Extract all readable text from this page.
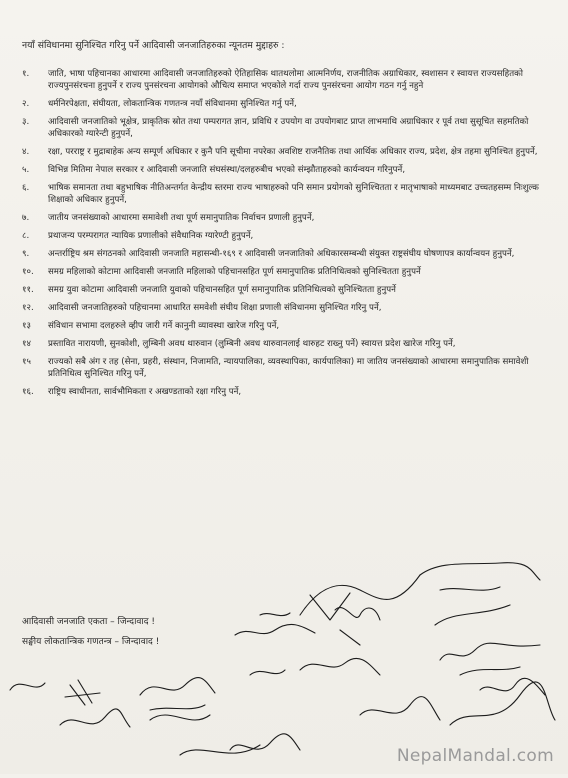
नयाँ संविधानमा सुनिश्चित गरिनु पर्ने आदिवासी जनजातिहरुका न्यूनतम मुद्दाहरु :
१.	जाति, भाषा पहिचानका आधारमा आदिवासी जनजातिहरुको ऐतिहासिक थातथलोमा आत्मनिर्णय, राजनीतिक अग्राधिकार, स्वशासन र स्वायत्त राज्यसहितको राज्यपुनसंरचना हुनुपर्ने र राज्य पुनसंरचना आयोगको औचित्य समाप्त भएकोले गर्दा राज्य पुनसंरचना आयोग गठन गर्नु नहुने
२.	धर्मनिरपेक्षता, संघीयता, लोकतान्त्रिक गणतन्त्र नयाँ संविधानमा सुनिश्चित गर्नु पर्ने,
३.	आदिवासी जनजातिको भूक्षेत्र, प्राकृतिक स्रोत तथा पम्परागत ज्ञान, प्रविधि र उपयोग वा उपयोगबाट प्राप्त लाभमाथि अग्राधिकार र पूर्व तथा सुसूचित सहमतिको अधिकारको ग्यारेन्टी हुनुपर्ने,
४.	रक्षा, परराष्ट्र र मुद्राबाहेक अन्य सम्पूर्ण अधिकार र कुनै पनि सूचीमा नपरेका अवशिष्ट राजनैतिक तथा आर्थिक अधिकार राज्य, प्रदेश, क्षेत्र तहमा सुनिश्चित हुनुपर्ने,
५.	विभिन्न मितिमा नेपाल सरकार र आदिवासी जनजाति संघसंस्था/दलहरुबीच भएको संम्झौताहरुको कार्यन्वयन गरिनुपर्ने,
६.	भाषिक समानता तथा बहुभाषिक नीतिअन्तर्गत केन्द्रीय स्तरमा राज्य भाषाहरुको पनि समान प्रयोगको सुनिश्चितता र मातृभाषाको माध्यमबाट उच्चतहसम्म निःशुल्क शिक्षाको अधिकार हुनुपर्ने,
७.	जातीय जनसंख्याको आधारमा समावेशी तथा पूर्ण समानुपातिक निर्वाचन प्रणाली हुनुपर्ने,
८.	प्रथाजन्य परम्परागत न्यायिक प्रणालीको संवैधानिक ग्यारेण्टी हुनुपर्ने,
९.	अन्तर्राष्ट्रिय श्रम संगठनको आदिवासी जनजाति महासन्धी-१६९ र आदिवासी जनजातिको अधिकारसम्बन्धी संयुक्त राष्ट्रसंघीय घोषणापत्र कार्यान्वयन हुनुपर्ने,
१०.	समग्र महिलाको कोटामा आदिवासी जनजाति महिलाको पहिचानसहित पूर्ण समानुपातिक प्रतिनिधित्वको सुनिश्चितता हुनुपर्ने
११.	समग्र युवा कोटामा आदिवासी जनजाति युवाको पहिचानसहित पूर्ण समानुपातिक प्रतिनिधित्वको सुनिश्चितता हुनुपर्ने
१२.	आदिवासी जनजातिहरुको पहिचानमा आधारित समवेशी संघीय शिक्षा प्रणाली संविधानमा सुनिश्चित गरिनु पर्ने,
१३	संविधान सभामा दलहरुले व्हीप जारी गर्ने कानुनी व्यावस्था खारेज गरिनु पर्ने,
१४	प्रस्तावित नारायणी, सुनकोशी, लुम्बिनी अवध थारुवान (लुम्बिनी अवध थारुवानलाई थारुहट राख्नु पर्ने) स्वायत्त प्रदेश खारेज गरिनु पर्ने,
१५	राज्यको सबै अंग र तह (सेना, प्रहरी, संस्थान, निजामति, न्यायपालिका, व्यवस्थापिका, कार्यपालिका) मा जातिय जनसंख्याको आधारमा समानुपातिक समावेशी प्रतिनिधित्व सुनिश्चित गरिनु पर्ने,
१६.	राष्ट्रिय स्वाधीनता, सार्वभौमिकता र अखण्डताको रक्षा गरिनु पर्ने,
आदिवासी जनजाति एकता – जिन्दावाद !
सङ्घीय लोकतान्त्रिक गणतन्त्र – जिन्दावाद !
NepalMandal.com
